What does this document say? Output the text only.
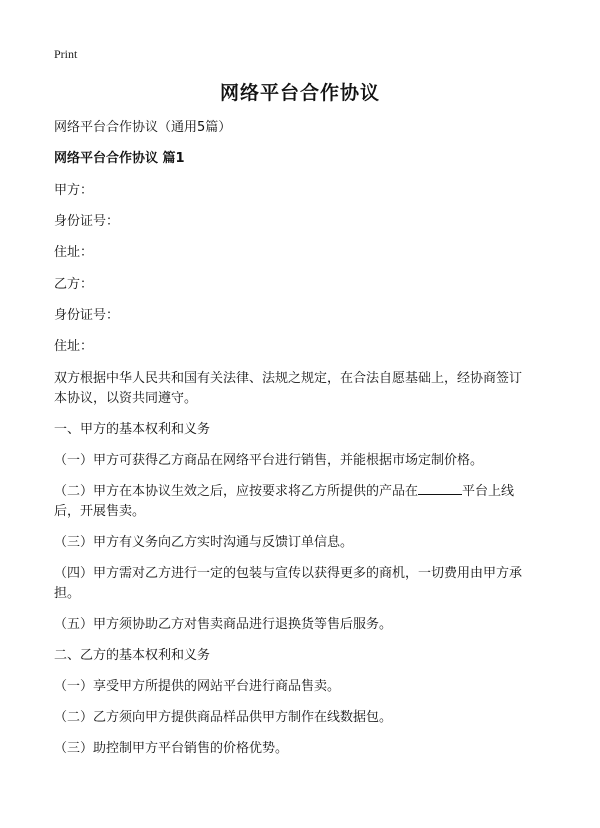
Print
网络平台合作协议
网络平台合作协议（通用5篇）
网络平台合作协议 篇1
甲方：
身份证号：
住址：
乙方：
身份证号：
住址：
双方根据中华人民共和国有关法律、法规之规定，在合法自愿基础上，经协商签订
本协议，以资共同遵守。
一、甲方的基本权利和义务
（一）甲方可获得乙方商品在网络平台进行销售，并能根据市场定制价格。
（二）甲方在本协议生效之后，应按要求将乙方所提供的产品在	平台上线
后，开展售卖。
（三）甲方有义务向乙方实时沟通与反馈订单信息。
（四）甲方需对乙方进行一定的包装与宣传以获得更多的商机，一切费用由甲方承
担。
（五）甲方须协助乙方对售卖商品进行退换货等售后服务。
二、乙方的基本权利和义务
（一）享受甲方所提供的网站平台进行商品售卖。
（二）乙方须向甲方提供商品样品供甲方制作在线数据包。
（三）助控制甲方平台销售的价格优势。
